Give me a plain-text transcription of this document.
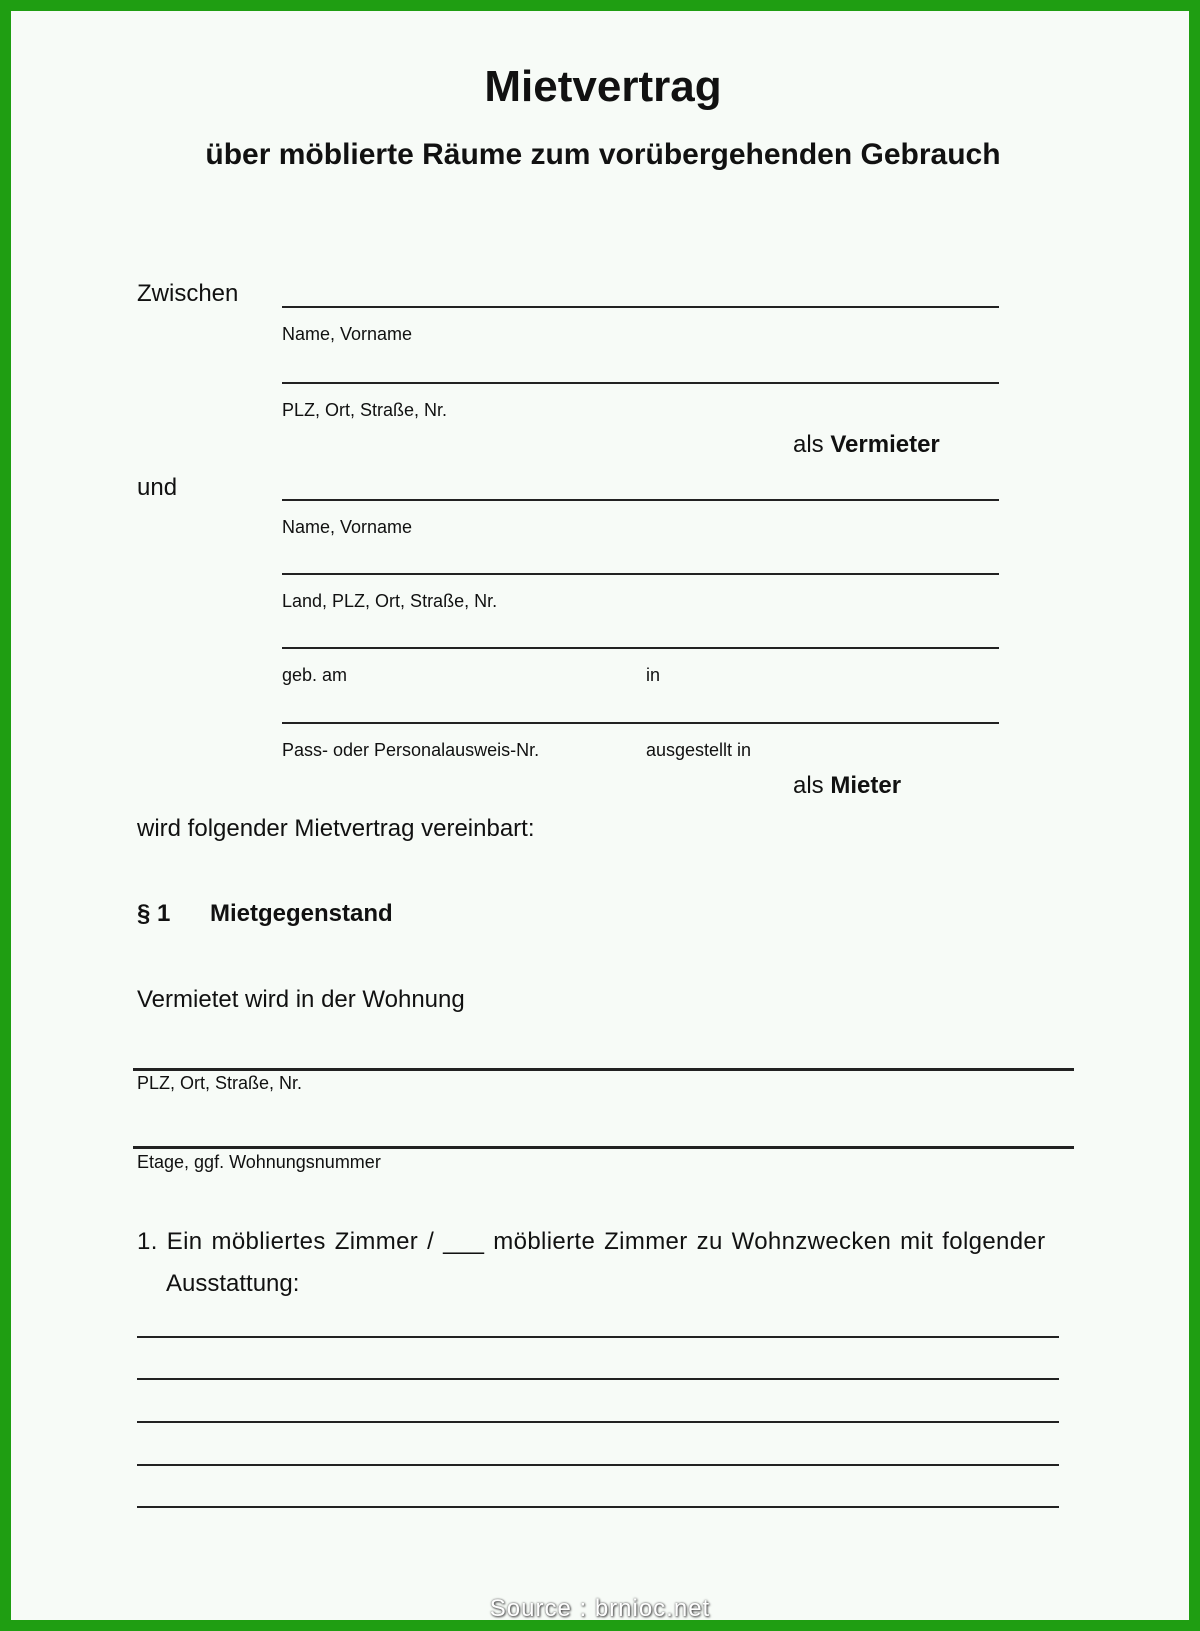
Mietvertrag
über möblierte Räume zum vorübergehenden Gebrauch
Zwischen
Name, Vorname
PLZ, Ort, Straße, Nr.
als Vermieter
und
Name, Vorname
Land, PLZ, Ort, Straße, Nr.
geb. am	in
Pass- oder Personalausweis-Nr.	ausgestellt in
als Mieter
wird folgender Mietvertrag vereinbart:
§ 1 Mietgegenstand
Vermietet wird in der Wohnung
PLZ, Ort, Straße, Nr.
Etage, ggf. Wohnungsnummer
1. Ein möbliertes Zimmer / ___ möblierte Zimmer zu Wohnzwecken mit folgender
Ausstattung:
Source : brnioc.net
